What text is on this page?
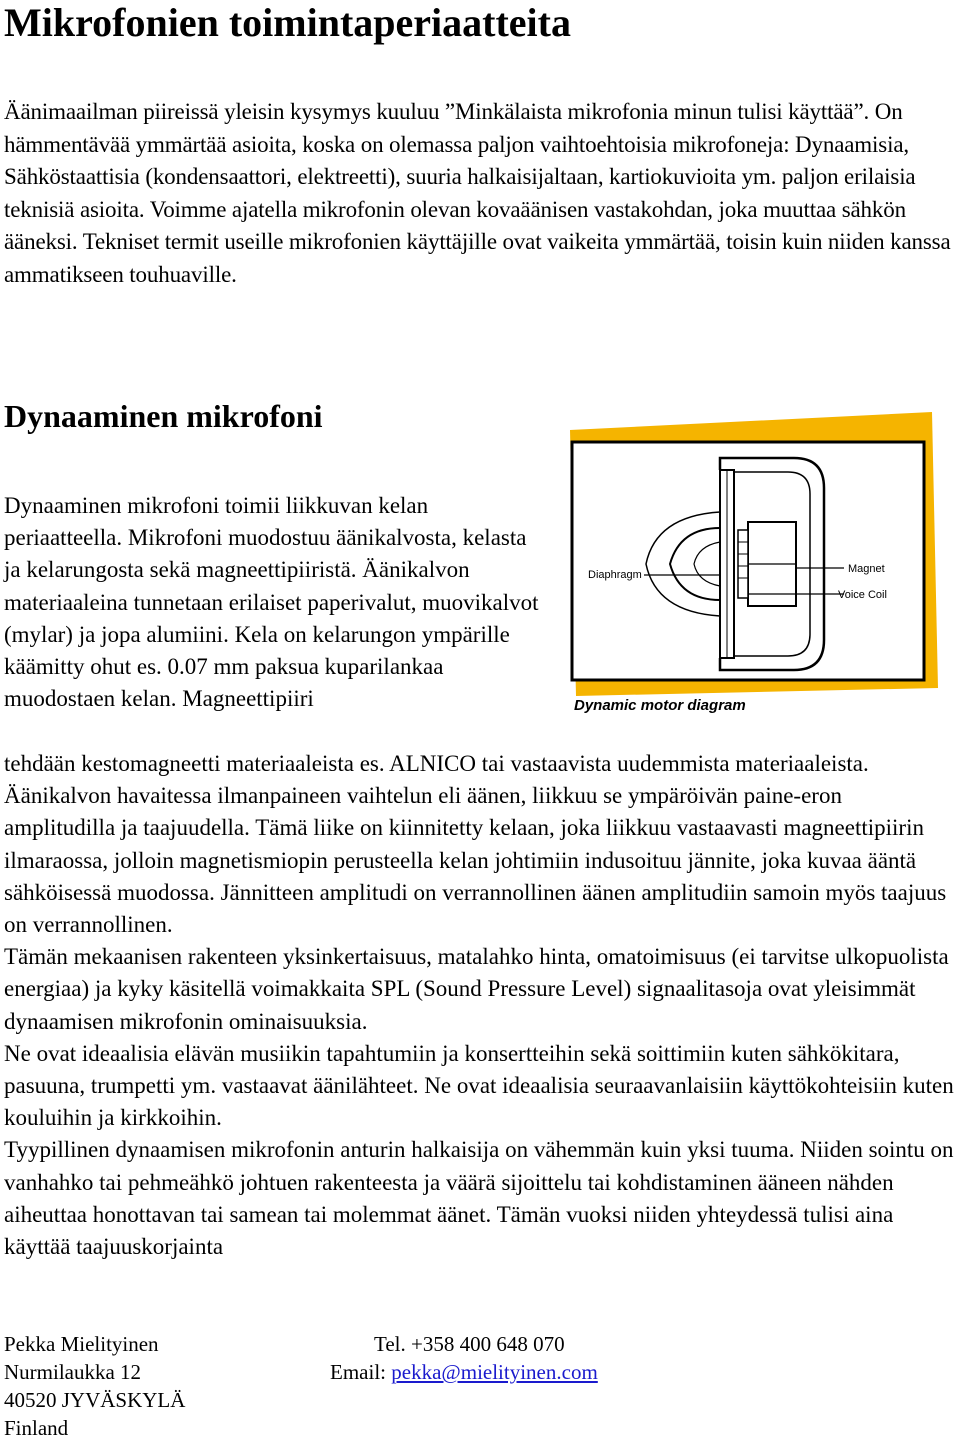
Mikrofonien toimintaperiaatteita

Äänimaailman piireissä yleisin kysymys kuuluu ”Minkälaista mikrofonia minun tulisi käyttää”. On hämmentävää ymmärtää asioita, koska on olemassa paljon vaihtoehtoisia mikrofoneja: Dynaamisia, Sähköstaattisia (kondensaattori, elektreetti), suuria halkaisijaltaan, kartiokuvioita ym. paljon erilaisia teknisiä asioita. Voimme ajatella mikrofonin olevan kovaäänisen vastakohdan, joka muuttaa sähkön ääneksi. Tekniset termit useille mikrofonien käyttäjille ovat vaikeita ymmärtää, toisin kuin niiden kanssa ammatikseen touhuaville.

Dynaaminen mikrofoni

Dynaaminen mikrofoni toimii liikkuvan kelan periaatteella. Mikrofoni muodostuu äänikalvosta, kelasta ja kelarungosta sekä magneettipiiristä. Äänikalvon materiaaleina tunnetaan erilaiset paperivalut, muovikalvot (mylar) ja jopa alumiini. Kela on kelarungon ympärille käämitty ohut es. 0.07 mm paksua kuparilankaa muodostaen kelan. Magneettipiiri

Diaphragm	Magnet
Voice Coil
Dynamic motor diagram

tehdään kestomagneetti materiaaleista es. ALNICO tai vastaavista uudemmista materiaaleista. Äänikalvon havaitessa ilmanpaineen vaihtelun eli äänen, liikkuu se ympäröivän paine-eron amplitudilla ja taajuudella. Tämä liike on kiinnitetty kelaan, joka liikkuu vastaavasti magneettipiirin ilmaraossa, jolloin magnetismiopin perusteella kelan johtimiin indusoituu jännite, joka kuvaa ääntä sähköisessä muodossa. Jännitteen amplitudi on verrannollinen äänen amplitudiin samoin myös taajuus on verrannollinen.

Tämän mekaanisen rakenteen yksinkertaisuus, matalahko hinta, omatoimisuus (ei tarvitse ulkopuolista energiaa) ja kyky käsitellä voimakkaita SPL (Sound Pressure Level) signaalitasoja ovat yleisimmät dynaamisen mikrofonin ominaisuuksia.

Ne ovat ideaalisia elävän musiikin tapahtumiin ja konsertteihin sekä soittimiin kuten sähkökitara, pasuuna, trumpetti ym. vastaavat äänilähteet. Ne ovat ideaalisia seuraavanlaisiin käyttökohteisiin kuten kouluihin ja kirkkoihin.

Tyypillinen dynaamisen mikrofonin anturin halkaisija on vähemmän kuin yksi tuuma. Niiden sointu on vanhahko tai pehmeähkö johtuen rakenteesta ja väärä sijoittelu tai kohdistaminen ääneen nähden aiheuttaa honottavan tai samean tai molemmat äänet. Tämän vuoksi niiden yhteydessä tulisi aina käyttää taajuuskorjainta

Pekka Mielityinen	Tel. +358 400 648 070
Nurmilaukka 12	Email: pekka@mielityinen.com
40520 JYVÄSKYLÄ
Finland
